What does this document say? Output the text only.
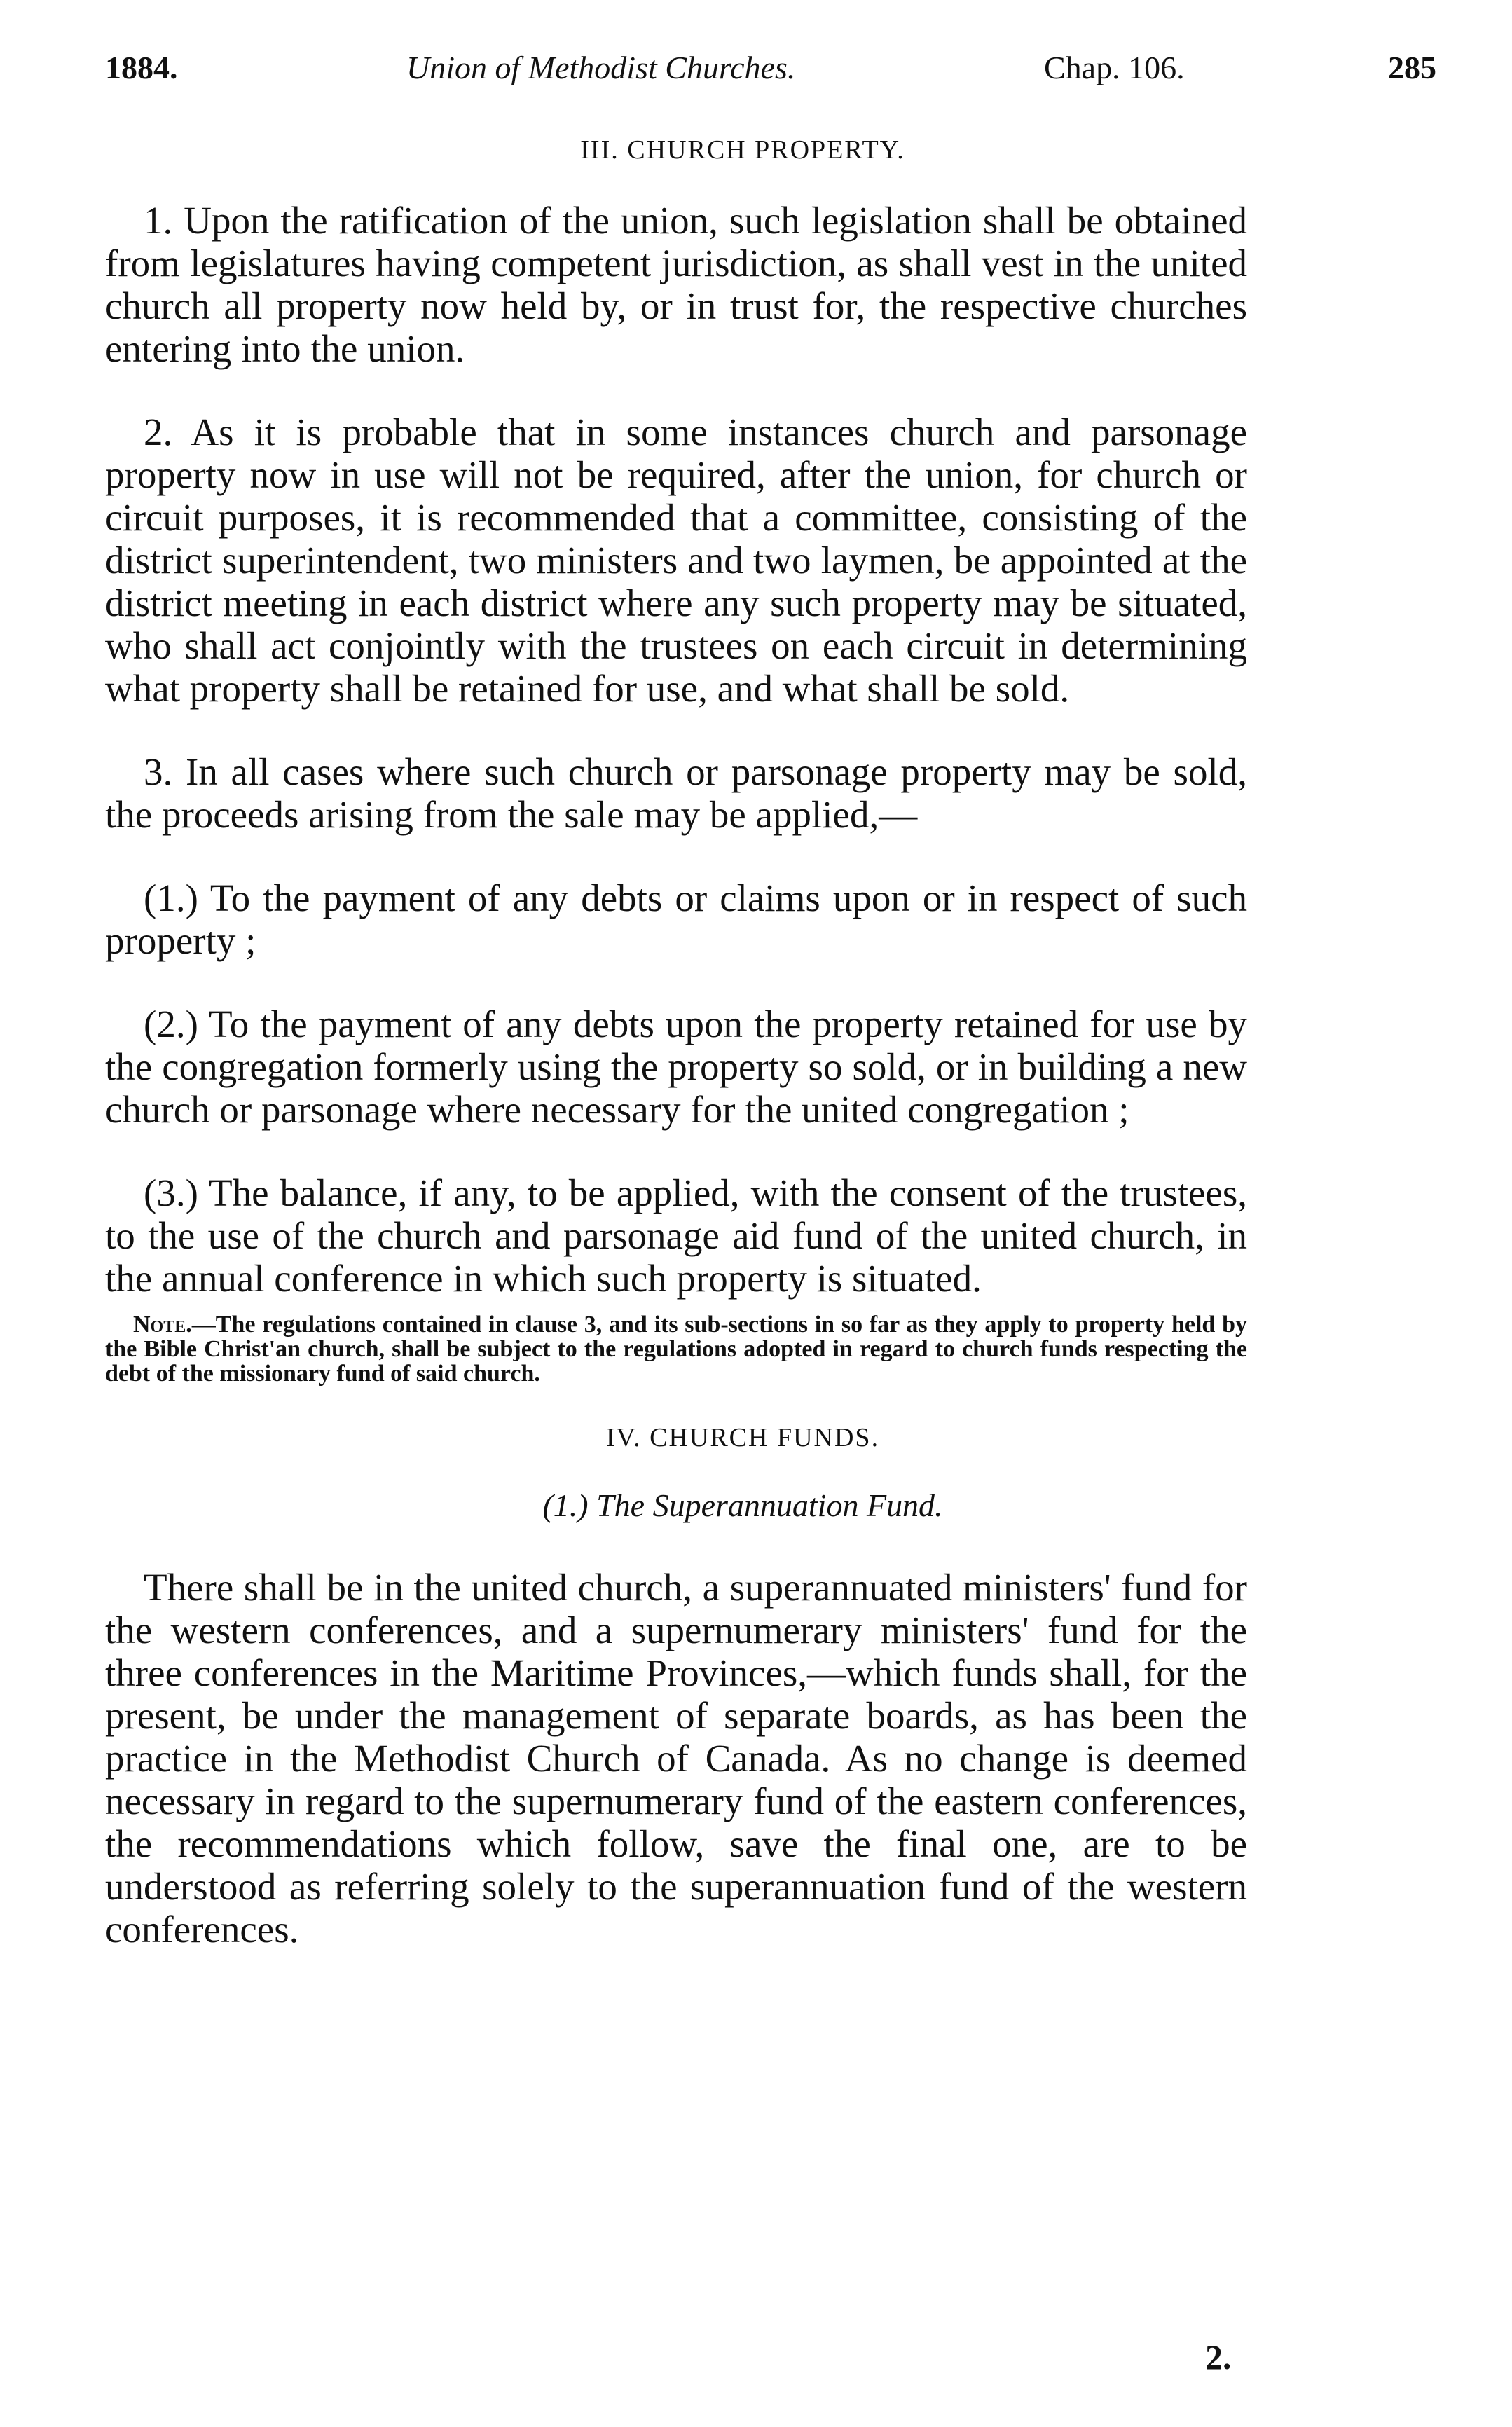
1884.	Union of Methodist Churches.	Chap. 106.	285
III. CHURCH PROPERTY.

1. Upon the ratification of the union, such legislation shall be obtained from legislatures having competent jurisdiction, as shall vest in the united church all property now held by, or in trust for, the respective churches entering into the union.

2. As it is probable that in some instances church and parsonage property now in use will not be required, after the union, for church or circuit purposes, it is recommended that a committee, consisting of the district superintendent, two ministers and two laymen, be appointed at the district meeting in each district where any such property may be situated, who shall act conjointly with the trustees on each circuit in determining what property shall be retained for use, and what shall be sold.

3. In all cases where such church or parsonage property may be sold, the proceeds arising from the sale may be applied,—

(1.) To the payment of any debts or claims upon or in respect of such property ;

(2.) To the payment of any debts upon the property retained for use by the congregation formerly using the property so sold, or in building a new church or parsonage where necessary for the united congregation ;

(3.) The balance, if any, to be applied, with the consent of the trustees, to the use of the church and parsonage aid fund of the united church, in the annual conference in which such property is situated.

Note.—The regulations contained in clause 3, and its sub-sections in so far as they apply to property held by the Bible Christ'an church, shall be subject to the regulations adopted in regard to church funds respecting the debt of the missionary fund of said church.

IV. CHURCH FUNDS.
(1.) The Superannuation Fund.

There shall be in the united church, a superannuated ministers' fund for the western conferences, and a supernumerary ministers' fund for the three conferences in the Maritime Provinces,—which funds shall, for the present, be under the management of separate boards, as has been the practice in the Methodist Church of Canada. As no change is deemed necessary in regard to the supernumerary fund of the eastern conferences, the recommendations which follow, save the final one, are to be understood as referring solely to the superannuation fund of the western conferences.

2.
